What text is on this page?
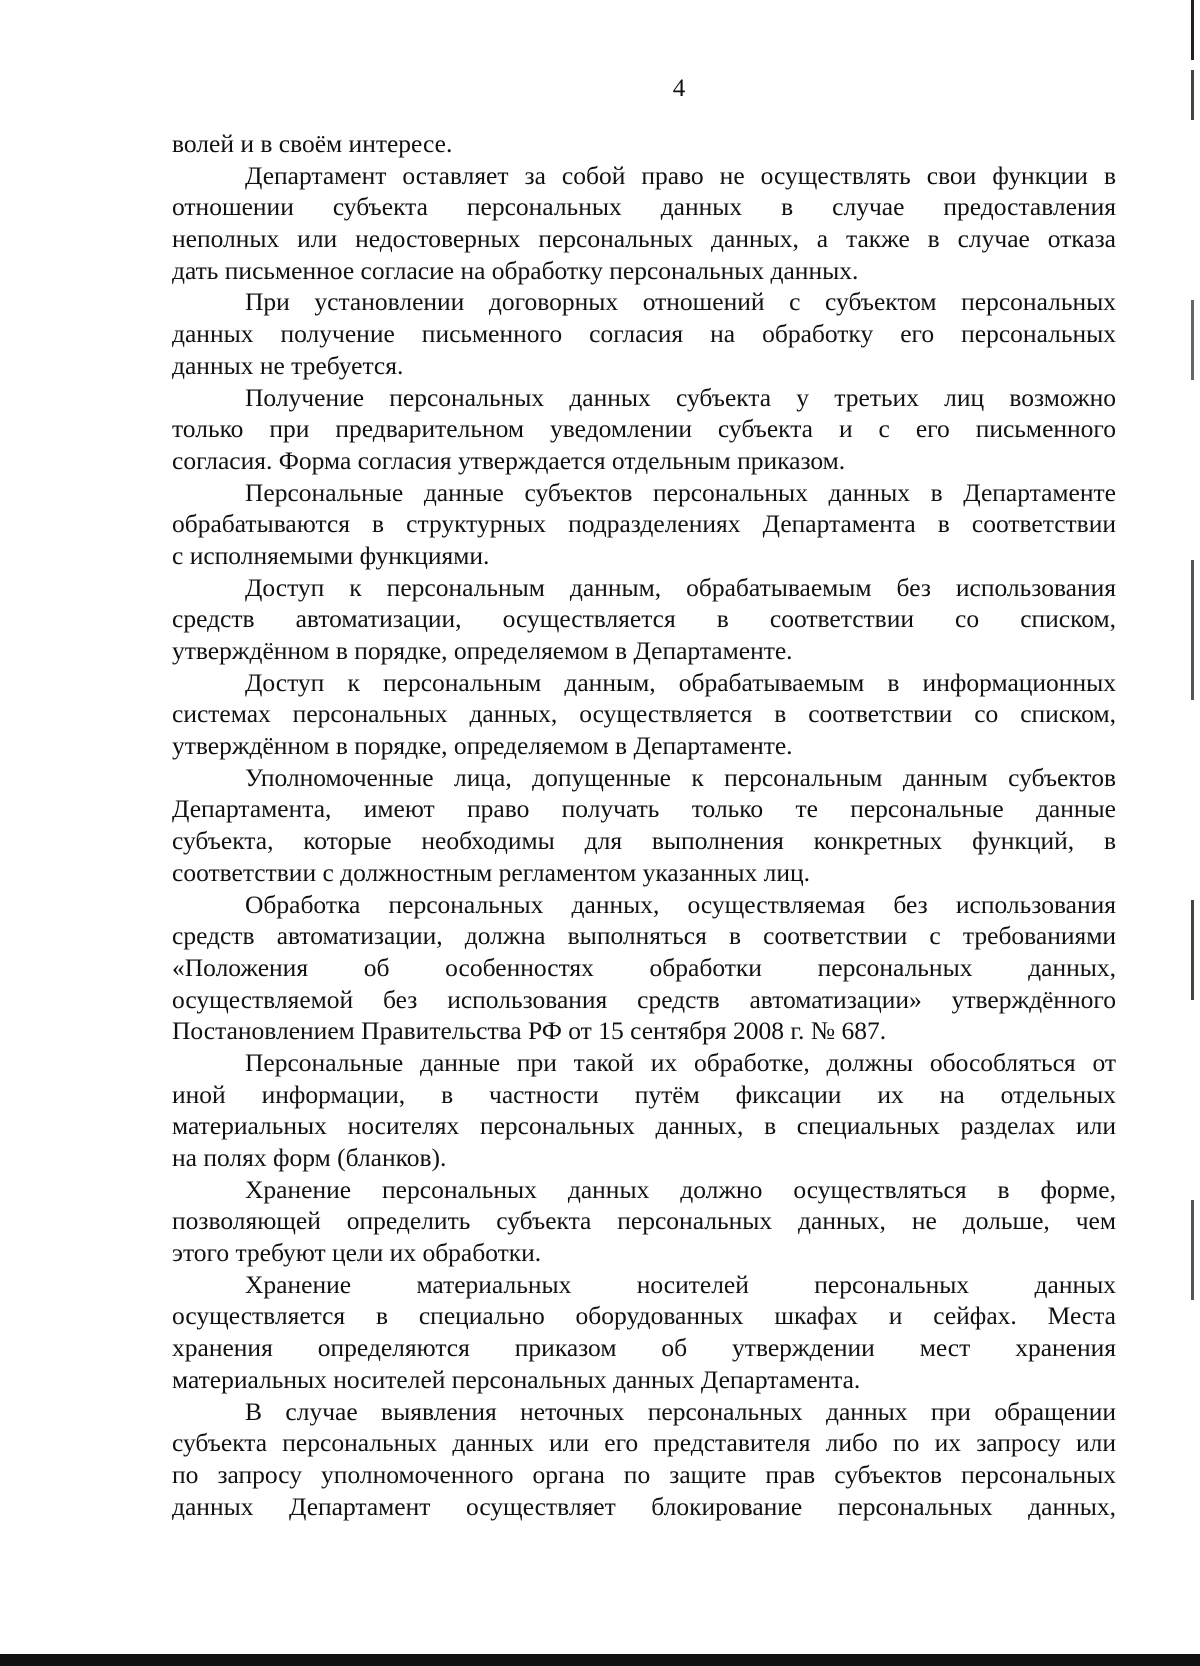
4
волей и в своём интересе.
Департамент оставляет за собой право не осуществлять свои функции в
отношении субъекта персональных данных в случае предоставления
неполных или недостоверных персональных данных, а также в случае отказа
дать письменное согласие на обработку персональных данных.
При установлении договорных отношений с субъектом персональных
данных получение письменного согласия на обработку его персональных
данных не требуется.
Получение персональных данных субъекта у третьих лиц возможно
только при предварительном уведомлении субъекта и с его письменного
согласия. Форма согласия утверждается отдельным приказом.
Персональные данные субъектов персональных данных в Департаменте
обрабатываются в структурных подразделениях Департамента в соответствии
с исполняемыми функциями.
Доступ к персональным данным, обрабатываемым без использования
средств автоматизации, осуществляется в соответствии со списком,
утверждённом в порядке, определяемом в Департаменте.
Доступ к персональным данным, обрабатываемым в информационных
системах персональных данных, осуществляется в соответствии со списком,
утверждённом в порядке, определяемом в Департаменте.
Уполномоченные лица, допущенные к персональным данным субъектов
Департамента, имеют право получать только те персональные данные
субъекта, которые необходимы для выполнения конкретных функций, в
соответствии с должностным регламентом указанных лиц.
Обработка персональных данных, осуществляемая без использования
средств автоматизации, должна выполняться в соответствии с требованиями
«Положения об особенностях обработки персональных данных,
осуществляемой без использования средств автоматизации» утверждённого
Постановлением Правительства РФ от 15 сентября 2008 г. № 687.
Персональные данные при такой их обработке, должны обособляться от
иной информации, в частности путём фиксации их на отдельных
материальных носителях персональных данных, в специальных разделах или
на полях форм (бланков).
Хранение персональных данных должно осуществляться в форме,
позволяющей определить субъекта персональных данных, не дольше, чем
этого требуют цели их обработки.
Хранение материальных носителей персональных данных
осуществляется в специально оборудованных шкафах и сейфах. Места
хранения определяются приказом об утверждении мест хранения
материальных носителей персональных данных Департамента.
В случае выявления неточных персональных данных при обращении
субъекта персональных данных или его представителя либо по их запросу или
по запросу уполномоченного органа по защите прав субъектов персональных
данных Департамент осуществляет блокирование персональных данных,
